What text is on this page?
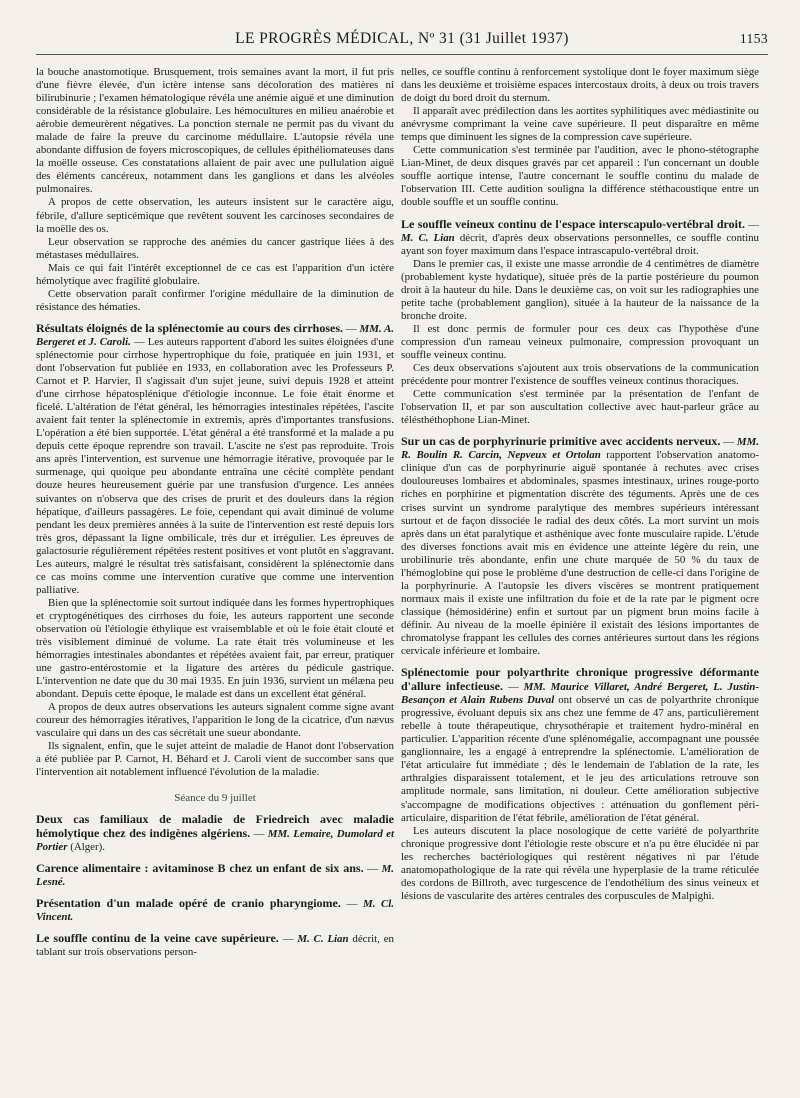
LE PROGRÈS MÉDICAL, Nº 31 (31 Juillet 1937)	1153

la bouche anastomotique. Brusquement, trois semaines avant la mort, il fut pris d'une fièvre élevée, d'un ictère intense sans décoloration des matières ni bilirubinurie ; l'examen hématologique révéla une anémie aiguë et une diminution considérable de la résistance globulaire. Les hémocultures en milieu anaérobie et aérobie demeurèrent négatives. La ponction sternale ne permit pas du vivant du malade de faire la preuve du carcinome médullaire. L'autopsie révéla une abondante diffusion de foyers microscopiques, de cellules épithéliomateuses dans la moëlle osseuse. Ces constatations allaient de pair avec une pullulation aiguë des éléments cancéreux, notamment dans les ganglions et dans les alvéoles pulmonaires.

A propos de cette observation, les auteurs insistent sur le caractère aigu, fébrile, d'allure septicémique que revêtent souvent les carcinoses secondaires de la moëlle des os.

Leur observation se rapproche des anémies du cancer gastrique liées à des métastases médullaires.

Mais ce qui fait l'intérêt exceptionnel de ce cas est l'apparition d'un ictère hémolytique avec fragilité globulaire.

Cette observation paraît confirmer l'origine médullaire de la diminution de résistance des hématies.

Résultats éloignés de la splénectomie au cours des cirrhoses. — MM. A. Bergeret et J. Caroli. — Les auteurs rapportent d'abord les suites éloignées d'une splénectomie pour cirrhose hypertrophique du foie, pratiquée en juin 1931, et dont l'observation fut publiée en 1933, en collaboration avec les Professeurs P. Carnot et P. Harvier, Il s'agissait d'un sujet jeune, suivi depuis 1928 et atteint d'une cirrhose hépatosplénique d'étiologie inconnue. Le foie était énorme et ficelé. L'altération de l'état général, les hémorragies intestinales répétées, l'ascite avaient fait tenter la splénectomie in extremis, après d'importantes transfusions. L'opération a été bien supportée. L'état général a été transformé et la malade a pu depuis cette époque reprendre son travail. L'ascite ne s'est pas reproduite. Trois ans après l'intervention, est survenue une hémorragie itérative, provoquée par le surmenage, qui quoique peu abondante entraîna une cécité complète pendant douze heures heureusement guérie par une transfusion d'urgence. Les années suivantes on n'observa que des crises de prurit et des douleurs dans la région hépatique, d'ailleurs passagères. Le foie, cependant qui avait diminué de volume pendant les deux premières années à la suite de l'intervention est resté depuis lors très gros, dépassant la ligne ombilicale, très dur et irrégulier. Les épreuves de galactosurie régulièrement répétées restent positives et vont plutôt en s'aggravant. Les auteurs, malgré le résultat très satisfaisant, considèrent la splénectomie dans ce cas moins comme une intervention curative que comme une intervention palliative.

Bien que la splénectomie soit surtout indiquée dans les formes hypertrophiques et cryptogénétiques des cirrhoses du foie, les auteurs rapportent une seconde observation où l'étiologie éthylique est vraisemblable et où le foie était clouté et très visiblement diminué de volume. La rate était très volumineuse et les hémorragies intestinales abondantes et répétées avaient fait, par erreur, pratiquer une gastro-entérostomie et la ligature des artères du pédicule gastrique. L'intervention ne date que du 30 mai 1935. En juin 1936, survient un mélæna peu abondant. Depuis cette époque, le malade est dans un excellent état général.

A propos de deux autres observations les auteurs signalent comme signe avant coureur des hémorragies itératives, l'apparition le long de la cicatrice, d'un nævus vasculaire qui dans un des cas sécrétait une sueur abondante.

Ils signalent, enfin, que le sujet atteint de maladie de Hanot dont l'observation a été publiée par P. Carnot, H. Béhard et J. Caroli vient de succomber sans que l'intervention ait notablement influencé l'évolution de la maladie.

Séance du 9 juillet

Deux cas familiaux de maladie de Friedreich avec maladie hémolytique chez des indigènes algériens. — MM. Lemaire, Dumolard et Portier (Alger).

Carence alimentaire : avitaminose B chez un enfant de six ans. — M. Lesné.

Présentation d'un malade opéré de cranio pharyngiome. — M. Cl. Vincent.

Le souffle continu de la veine cave supérieure. — M. C. Lian décrit, en tablant sur trois observations person-

nelles, ce souffle continu à renforcement systolique dont le foyer maximum siège dans les deuxième et troisième espaces intercostaux droits, à deux ou trois travers de doigt du bord droit du sternum.

Il apparaît avec prédilection dans les aortites syphilitiques avec médiastinite ou anévrysme comprimant la veine cave supérieure. Il peut disparaître en même temps que diminuent les signes de la compression cave supérieure.

Cette communication s'est terminée par l'audition, avec le phono-stétographe Lian-Minet, de deux disques gravés par cet appareil : l'un concernant un double souffle aortique intense, l'autre concernant le souffle continu du malade de l'observation III. Cette audition souligna la différence stéthacoustique entre un double souffle et un souffle continu.

Le souffle veineux continu de l'espace interscapulo-vertébral droit. — M. C. Lian décrit, d'après deux observations personnelles, ce souffle continu ayant son foyer maximum dans l'espace intrascapulo-vertébral droit.

Dans le premier cas, il existe une masse arrondie de 4 centimètres de diamètre (probablement kyste hydatique), située près de la partie postérieure du poumon droit à la hauteur du hile. Dans le deuxième cas, on voit sur les radiographies une petite tache (probablement ganglion), située à la hauteur de la naissance de la bronche droite.

Il est donc permis de formuler pour ces deux cas l'hypothèse d'une compression d'un rameau veineux pulmonaire, compression provoquant un souffle veineux continu.

Ces deux observations s'ajoutent aux trois observations de la communication précédente pour montrer l'existence de souffles veineux continus thoraciques.

Cette communication s'est terminée par la présentation de l'enfant de l'observation II, et par son auscultation collective avec haut-parleur grâce au télésthéthophone Lian-Minet.

Sur un cas de porphyrinurie primitive avec accidents nerveux. — MM. R. Boulin R. Carcin, Nepveux et Ortolan rapportent l'observation anatomo-clinique d'un cas de porphyrinurie aiguë spontanée à rechutes avec crises douloureuses lombaires et abdominales, spasmes intestinaux, urines rouge-porto riches en porphirine et pigmentation discrète des téguments. Après une de ces crises survint un syndrome paralytique des membres supérieurs intéressant surtout et de façon dissociée le radial des deux côtés. La mort survint un mois après dans un état paralytique et asthénique avec fonte musculaire rapide. L'étude des diverses fonctions avait mis en évidence une atteinte légère du rein, une urobilinurie très abondante, enfin une chute marquée de 50 % du taux de l'hémoglobine qui pose le problème d'une destruction de celle-ci dans l'origine de la porphyrinurie. A l'autopsie les divers viscères se montrent pratiquement normaux mais il existe une infiltration du foie et de la rate par le pigment ocre classique (hémosidérine) enfin et surtout par un pigment brun moins facile à définir. Au niveau de la moelle épinière il existait des lésions importantes de chromatolyse frappant les cellules des cornes antérieures surtout dans les régions cervicale inférieure et lombaire.

Splénectomie pour polyarthrite chronique progressive déformante d'allure infectieuse. — MM. Maurice Villaret, André Bergeret, L. Justin-Besançon et Alain Rubens Duval ont observé un cas de polyarthrite chronique progressive, évoluant depuis six ans chez une femme de 47 ans, particulièrement rebelle à toute thérapeutique, chrysothérapie et traitement hydro-minéral en particulier. L'apparition récente d'une splénomégalie, accompagnant une poussée ganglionnaire, les a engagé à entreprendre la splénectomie. L'amélioration de l'état articulaire fut immédiate ; dès le lendemain de l'ablation de la rate, les arthralgies disparaissent totalement, et le jeu des articulations retrouve son amplitude normale, sans limitation, ni douleur. Cette amélioration subjective s'accompagne de modifications objectives : atténuation du gonflement péri-articulaire, disparition de l'état fébrile, amélioration de l'état général.

Les auteurs discutent la place nosologique de cette variété de polyarthrite chronique progressive dont l'étiologie reste obscure et n'a pu être élucidée ni par les recherches bactériologiques qui restèrent négatives ni par l'étude anatomopathologique de la rate qui révéla une hyperplasie de la trame réticulée des cordons de Billroth, avec turgescence de l'endothélium des sinus veineux et lésions de vascularite des artères centrales des corpuscules de Malpighi.
